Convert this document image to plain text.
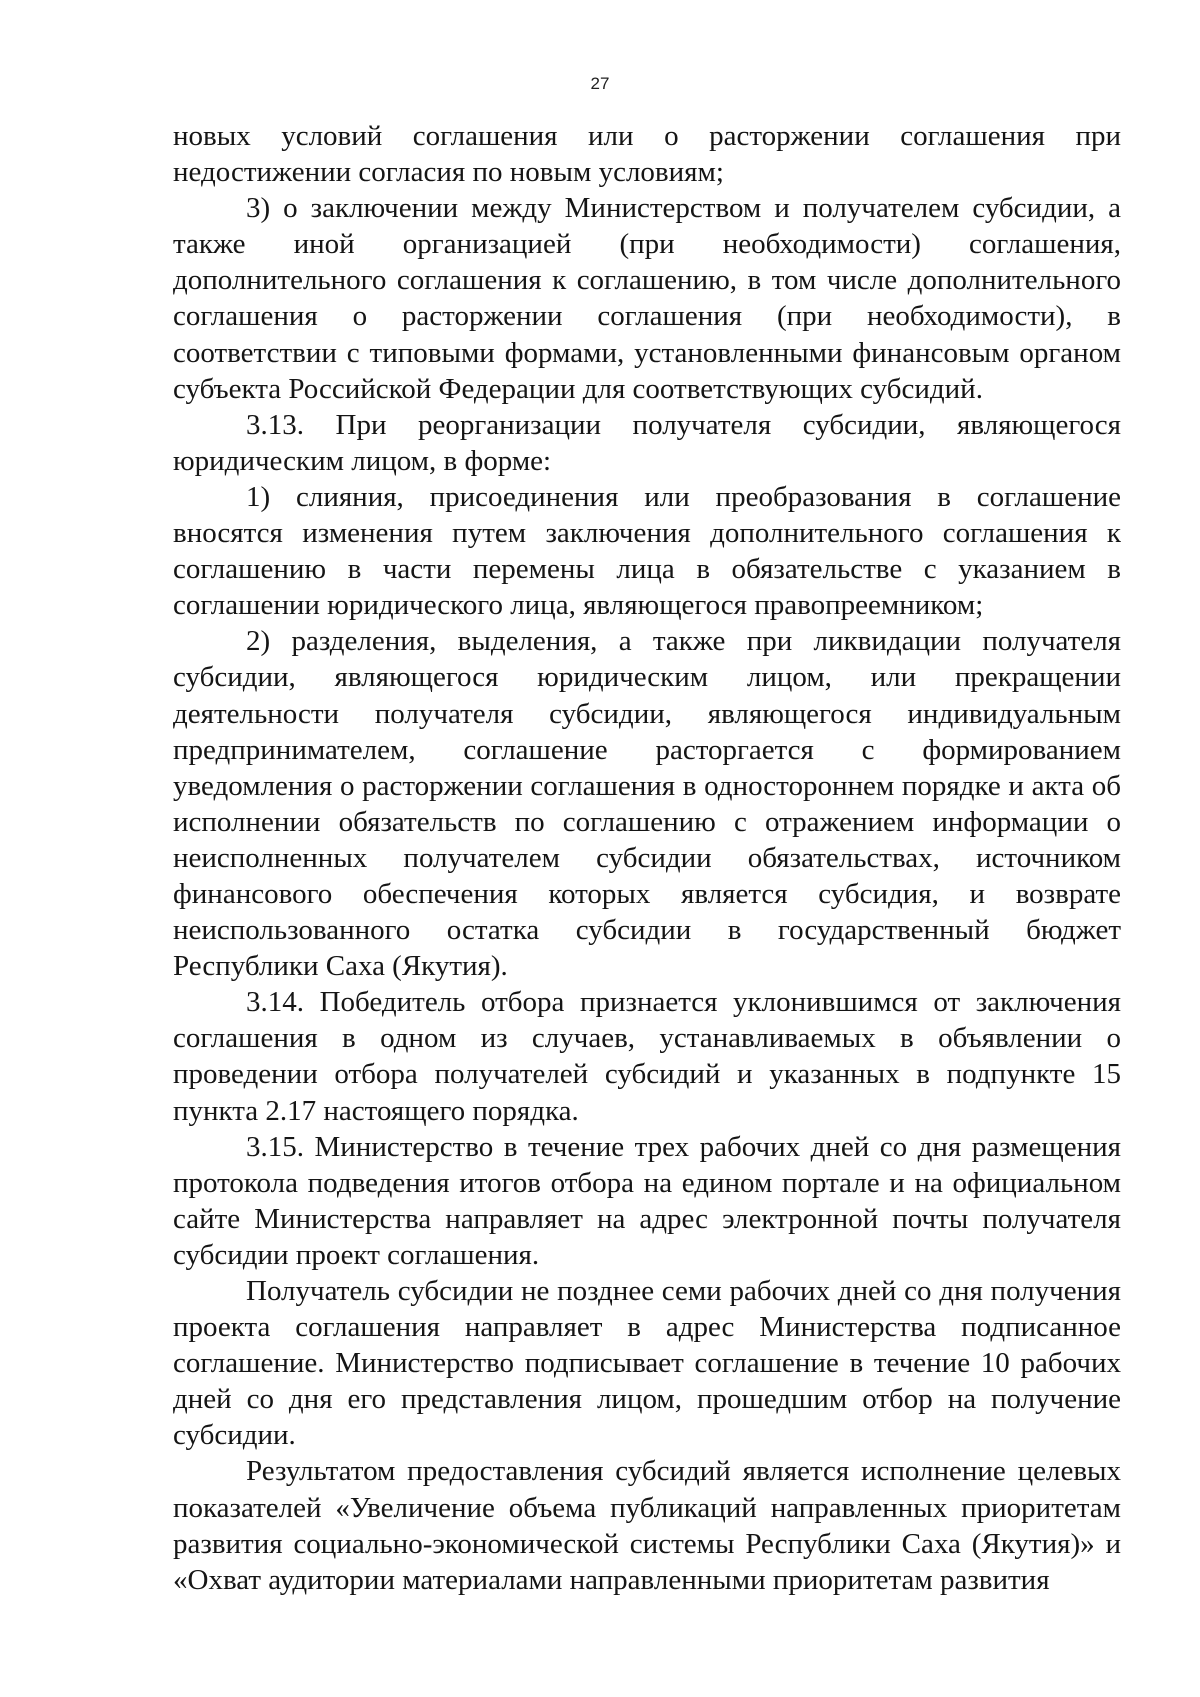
27

новых условий соглашения или о расторжении соглашения при недостижении согласия по новым условиям;

3) о заключении между Министерством и получателем субсидии, а также иной организацией (при необходимости) соглашения, дополнительного соглашения к соглашению, в том числе дополнительного соглашения о расторжении соглашения (при необходимости), в соответствии с типовыми формами, установленными финансовым органом субъекта Российской Федерации для соответствующих субсидий.

3.13. При реорганизации получателя субсидии, являющегося юридическим лицом, в форме:

1) слияния, присоединения или преобразования в соглашение вносятся изменения путем заключения дополнительного соглашения к соглашению в части перемены лица в обязательстве с указанием в соглашении юридического лица, являющегося правопреемником;

2) разделения, выделения, а также при ликвидации получателя субсидии, являющегося юридическим лицом, или прекращении деятельности получателя субсидии, являющегося индивидуальным предпринимателем, соглашение расторгается с формированием уведомления о расторжении соглашения в одностороннем порядке и акта об исполнении обязательств по соглашению с отражением информации о неисполненных получателем субсидии обязательствах, источником финансового обеспечения которых является субсидия, и возврате неиспользованного остатка субсидии в государственный бюджет Республики Саха (Якутия).

3.14. Победитель отбора признается уклонившимся от заключения соглашения в одном из случаев, устанавливаемых в объявлении о проведении отбора получателей субсидий и указанных в подпункте 15 пункта 2.17 настоящего порядка.

3.15. Министерство в течение трех рабочих дней со дня размещения протокола подведения итогов отбора на едином портале и на официальном сайте Министерства направляет на адрес электронной почты получателя субсидии проект соглашения.

Получатель субсидии не позднее семи рабочих дней со дня получения проекта соглашения направляет в адрес Министерства подписанное соглашение. Министерство подписывает соглашение в течение 10 рабочих дней со дня его представления лицом, прошедшим отбор на получение субсидии.

Результатом предоставления субсидий является исполнение целевых показателей «Увеличение объема публикаций направленных приоритетам развития социально-экономической системы Республики Саха (Якутия)» и «Охват аудитории материалами направленными приоритетам развития
